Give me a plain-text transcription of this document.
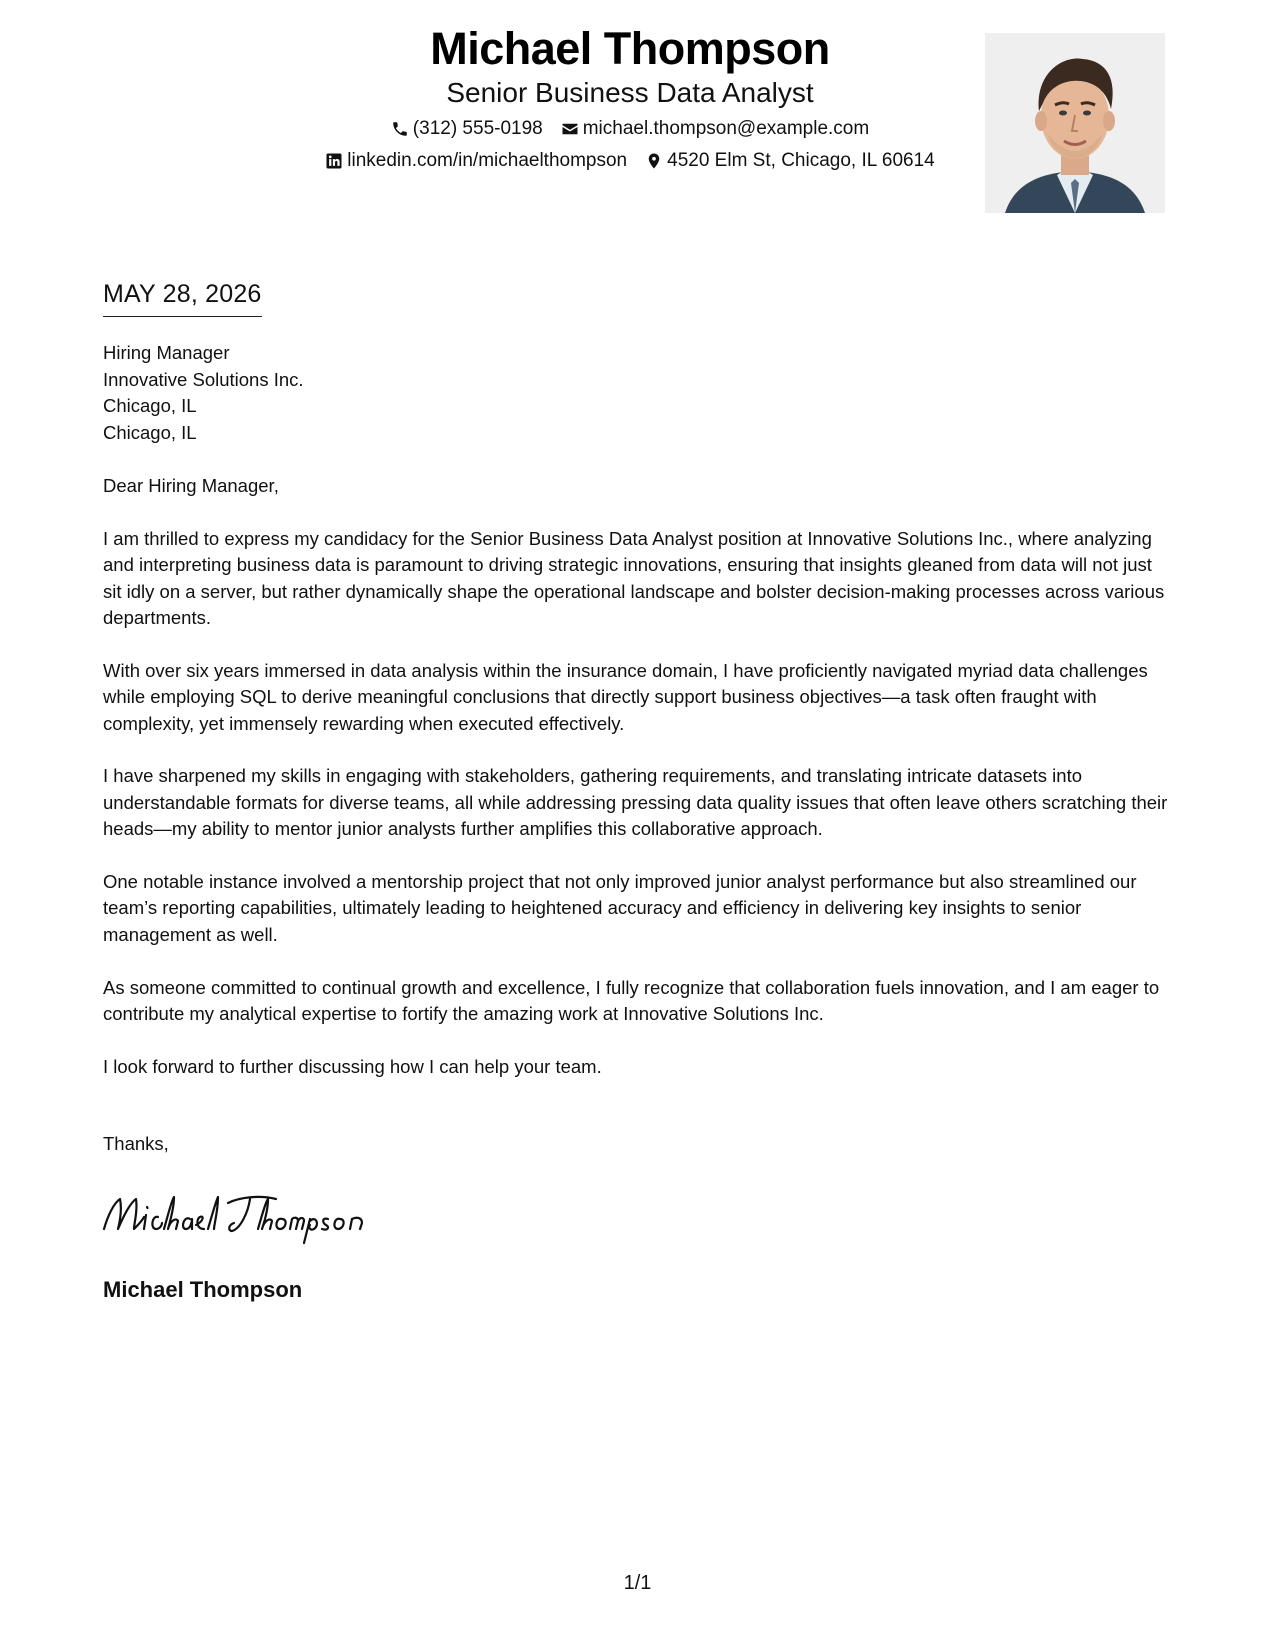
Michael Thompson
Senior Business Data Analyst
(312) 555-0198 michael.thompson@example.com
linkedin.com/in/michaelthompson 4520 Elm St, Chicago, IL 60614
MAY 28, 2026
Hiring Manager
Innovative Solutions Inc.
Chicago, IL
Chicago, IL

Dear Hiring Manager,

I am thrilled to express my candidacy for the Senior Business Data Analyst position at Innovative Solutions Inc., where analyzing and interpreting business data is paramount to driving strategic innovations, ensuring that insights gleaned from data will not just sit idly on a server, but rather dynamically shape the operational landscape and bolster decision-making processes across various departments.

With over six years immersed in data analysis within the insurance domain, I have proficiently navigated myriad data challenges while employing SQL to derive meaningful conclusions that directly support business objectives—a task often fraught with complexity, yet immensely rewarding when executed effectively.

I have sharpened my skills in engaging with stakeholders, gathering requirements, and translating intricate datasets into understandable formats for diverse teams, all while addressing pressing data quality issues that often leave others scratching their heads—my ability to mentor junior analysts further amplifies this collaborative approach.

One notable instance involved a mentorship project that not only improved junior analyst performance but also streamlined our team’s reporting capabilities, ultimately leading to heightened accuracy and efficiency in delivering key insights to senior management as well.

As someone committed to continual growth and excellence, I fully recognize that collaboration fuels innovation, and I am eager to contribute my analytical expertise to fortify the amazing work at Innovative Solutions Inc.

I look forward to further discussing how I can help your team.

Thanks,
Michael Thompson
1/1
